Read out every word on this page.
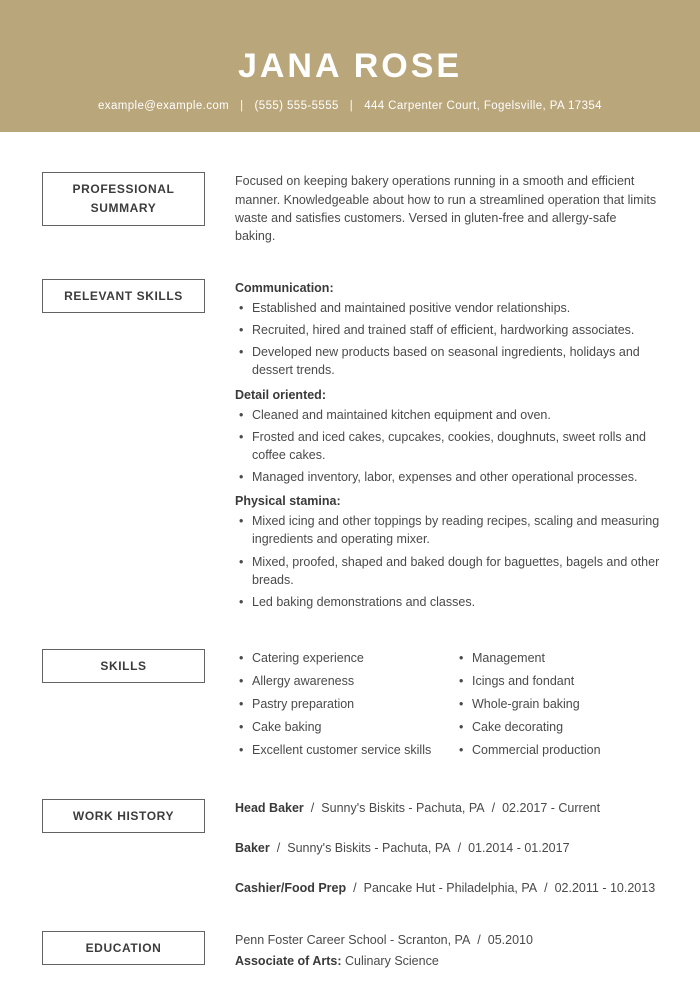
JANA ROSE
example@example.com | (555) 555-5555 | 444 Carpenter Court, Fogelsville, PA 17354
PROFESSIONAL SUMMARY

Focused on keeping bakery operations running in a smooth and efficient manner. Knowledgeable about how to run a streamlined operation that limits waste and satisfies customers. Versed in gluten-free and allergy-safe baking.

RELEVANT SKILLS
Communication:
• Established and maintained positive vendor relationships.
• Recruited, hired and trained staff of efficient, hardworking associates.
• Developed new products based on seasonal ingredients, holidays and dessert trends.
Detail oriented:
• Cleaned and maintained kitchen equipment and oven.
• Frosted and iced cakes, cupcakes, cookies, doughnuts, sweet rolls and coffee cakes.
• Managed inventory, labor, expenses and other operational processes.
Physical stamina:
• Mixed icing and other toppings by reading recipes, scaling and measuring ingredients and operating mixer.
• Mixed, proofed, shaped and baked dough for baguettes, bagels and other breads.
• Led baking demonstrations and classes.
SKILLS
• Catering experience
• Allergy awareness
• Pastry preparation
• Cake baking
• Excellent customer service skills
• Management
• Icings and fondant
• Whole-grain baking
• Cake decorating
• Commercial production
WORK HISTORY
Head Baker / Sunny's Biskits - Pachuta, PA / 02.2017 - Current
Baker / Sunny's Biskits - Pachuta, PA / 01.2014 - 01.2017
Cashier/Food Prep / Pancake Hut - Philadelphia, PA / 02.2011 - 10.2013
EDUCATION
Penn Foster Career School - Scranton, PA / 05.2010
Associate of Arts: Culinary Science
